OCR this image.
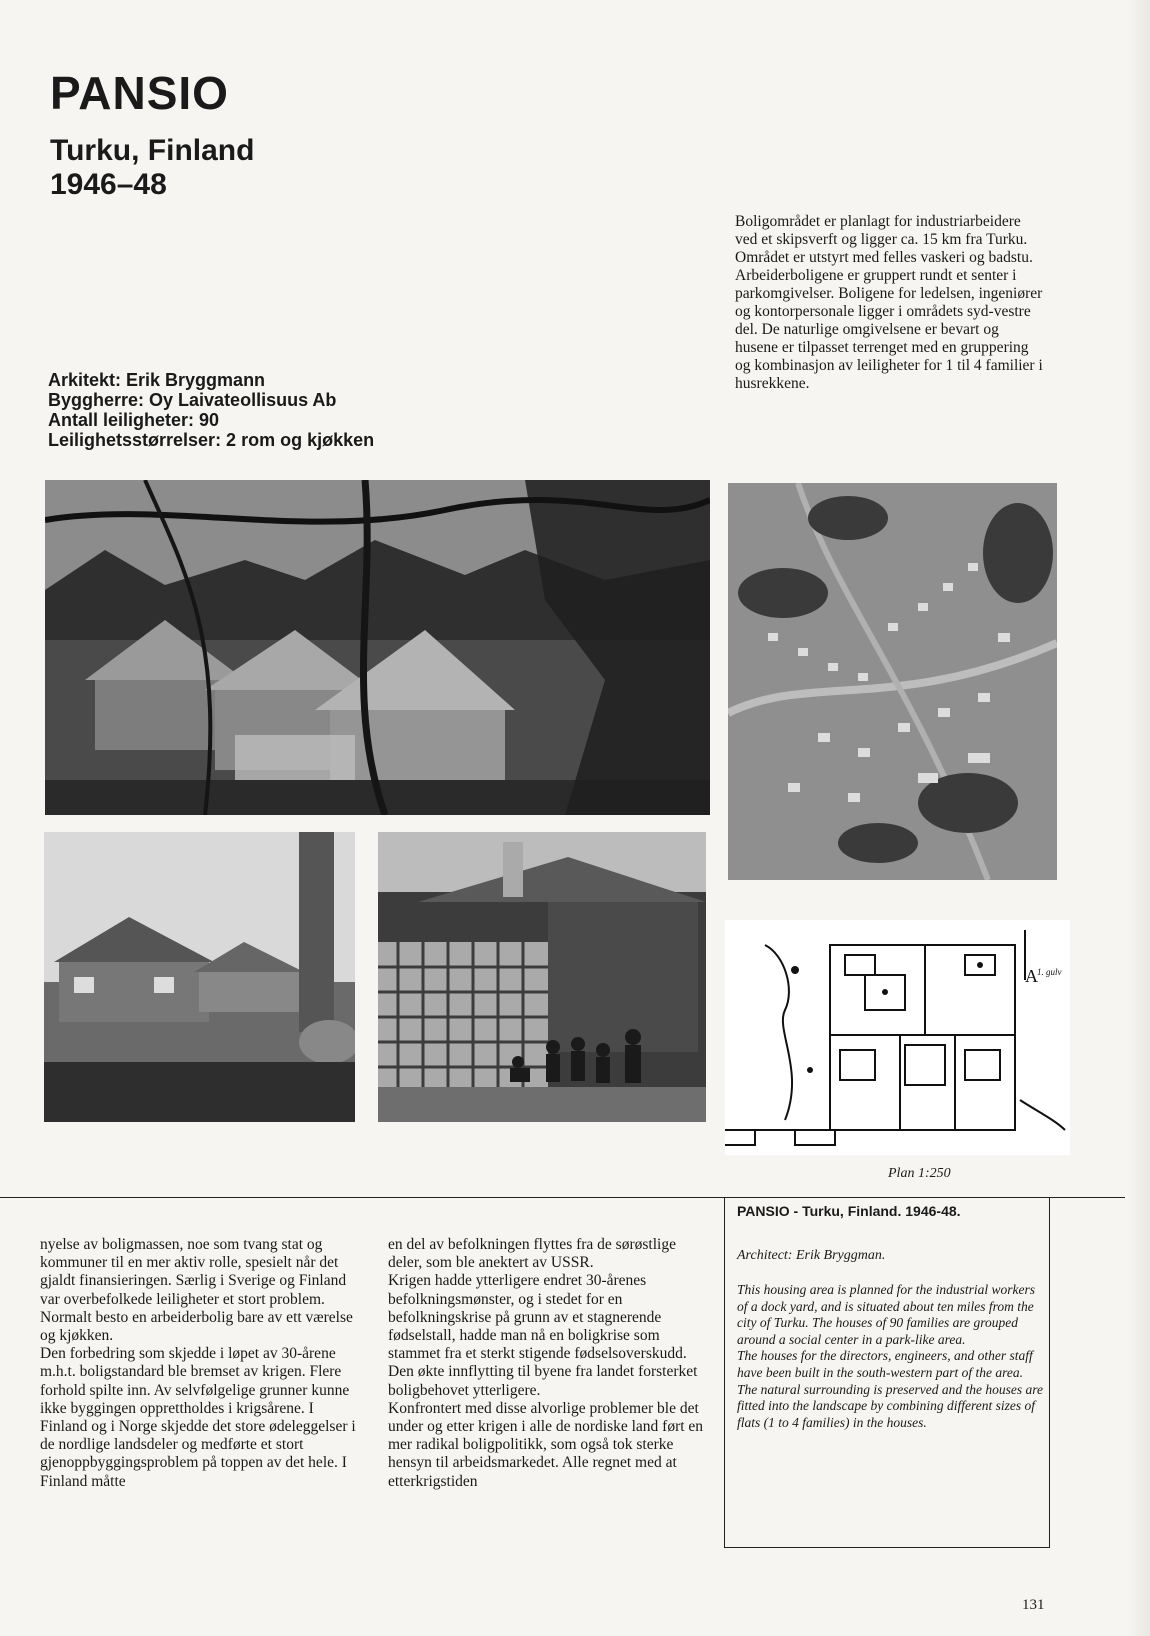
PANSIO
Turku, Finland
1946–48
Arkitekt: Erik Bryggmann
Byggherre: Oy Laivateollisuus Ab
Antall leiligheter: 90
Leilighetsstørrelser: 2 rom og kjøkken
Boligområdet er planlagt for industriarbeidere ved et skipsverft og ligger ca. 15 km fra Turku. Området er utstyrt med felles vaskeri og badstu. Arbeiderboligene er gruppert rundt et senter i parkomgivelser. Boligene for ledelsen, ingeniører og kontorpersonale ligger i områdets syd-vestre del. De naturlige omgivelsene er bevart og husene er tilpasset terrenget med en gruppering og kombinasjon av leiligheter for 1 til 4 familier i husrekkene.
A 1. gulv
Plan 1:250

nyelse av boligmassen, noe som tvang stat og kommuner til en mer aktiv rolle, spesielt når det gjaldt finansieringen. Særlig i Sverige og Finland var overbefolkede leiligheter et stort problem. Normalt besto en arbeiderbolig bare av ett værelse og kjøkken.

Den forbedring som skjedde i løpet av 30-årene m.h.t. boligstandard ble bremset av krigen. Flere forhold spilte inn. Av selvfølgelige grunner kunne ikke byggingen opprettholdes i krigsårene. I Finland og i Norge skjedde det store ødeleggelser i de nordlige landsdeler og medførte et stort gjenoppbyggingsproblem på toppen av det hele. I Finland måtte

en del av befolkningen flyttes fra de sørøstlige deler, som ble anektert av USSR.

Krigen hadde ytterligere endret 30-årenes befolkningsmønster, og i stedet for en befolkningskrise på grunn av et stagnerende fødselstall, hadde man nå en boligkrise som stammet fra et sterkt stigende fødselsoverskudd. Den økte innflytting til byene fra landet forsterket boligbehovet ytterligere.

Konfrontert med disse alvorlige problemer ble det under og etter krigen i alle de nordiske land ført en mer radikal boligpolitikk, som også tok sterke hensyn til arbeidsmarkedet. Alle regnet med at etterkrigstiden

PANSIO - Turku, Finland. 1946-48.
Architect: Erik Bryggman.

This housing area is planned for the industrial workers of a dock yard, and is situated about ten miles from the city of Turku. The houses of 90 families are grouped around a social center in a park-like area.

The houses for the directors, engineers, and other staff have been built in the south-western part of the area. The natural surrounding is preserved and the houses are fitted into the landscape by combining different sizes of flats (1 to 4 families) in the houses.

131
